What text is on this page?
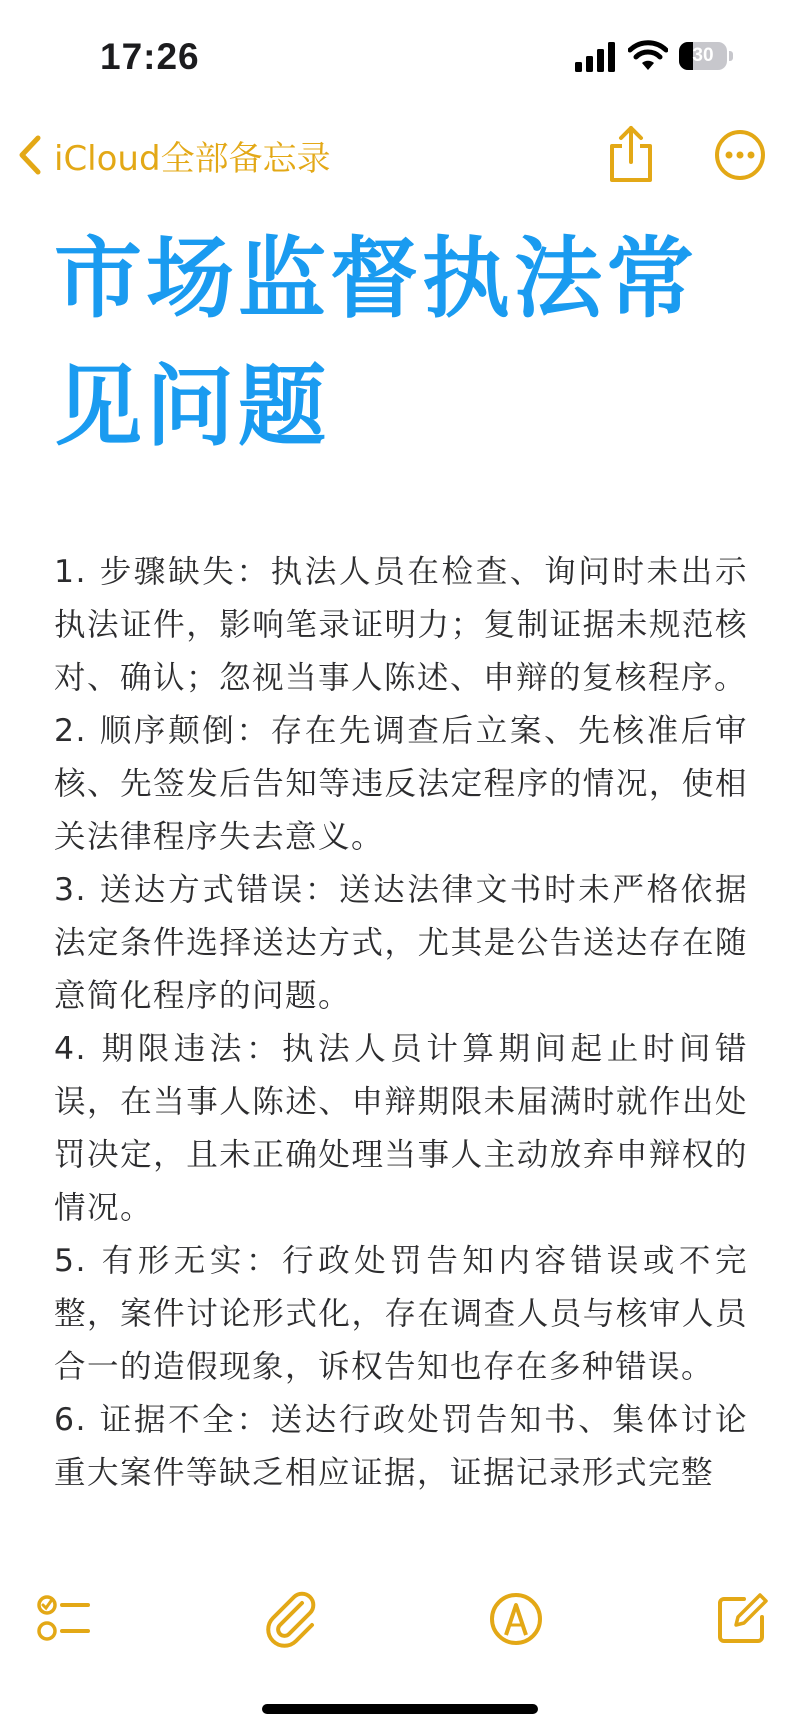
17:26	30
iCloud全部备忘录
市场监督执法常见问题

1. 步骤缺失：执法人员在检查、询问时未出示执法证件，影响笔录证明力；复制证据未规范核对、确认；忽视当事人陈述、申辩的复核程序。

2. 顺序颠倒：存在先调查后立案、先核准后审核、先签发后告知等违反法定程序的情况，使相关法律程序失去意义。

3. 送达方式错误：送达法律文书时未严格依据法定条件选择送达方式，尤其是公告送达存在随意简化程序的问题。

4. 期限违法：执法人员计算期间起止时间错误，在当事人陈述、申辩期限未届满时就作出处罚决定，且未正确处理当事人主动放弃申辩权的情况。

5. 有形无实：行政处罚告知内容错误或不完整，案件讨论形式化，存在调查人员与核审人员合一的造假现象，诉权告知也存在多种错误。

6. 证据不全：送达行政处罚告知书、集体讨论重大案件等缺乏相应证据，证据记录形式完整
